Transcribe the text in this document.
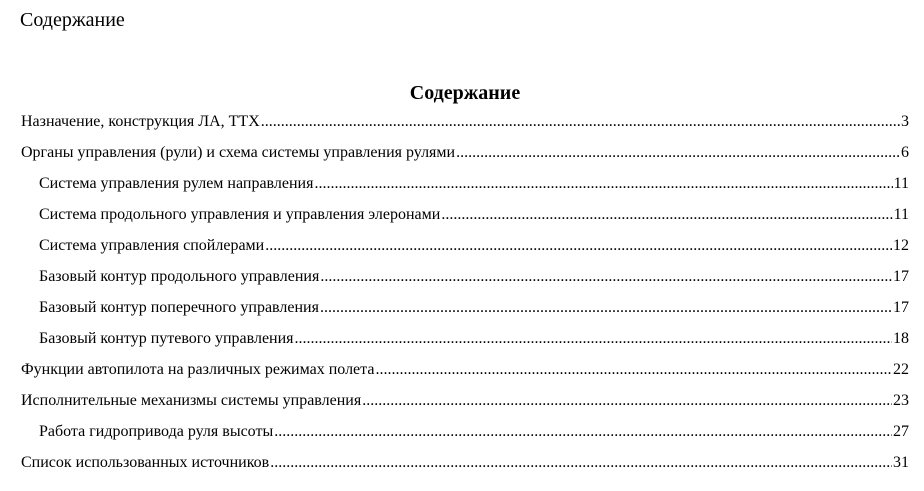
Содержание
Содержание
Назначение, конструкция ЛА, ТТХ .....	3
Органы управления (рули) и схема системы управления рулями .....	6
Система управления рулем направления .....	11
Система продольного управления и управления элеронами .....	11
Система управления спойлерами .....	12
Базовый контур продольного управления .....	17
Базовый контур поперечного управления .....	17
Базовый контур путевого управления .....	18
Функции автопилота на различных режимах полета .....	22
Исполнительные механизмы системы управления .....	23
Работа гидропривода руля высоты .....	27
Список использованных источников .....	31
